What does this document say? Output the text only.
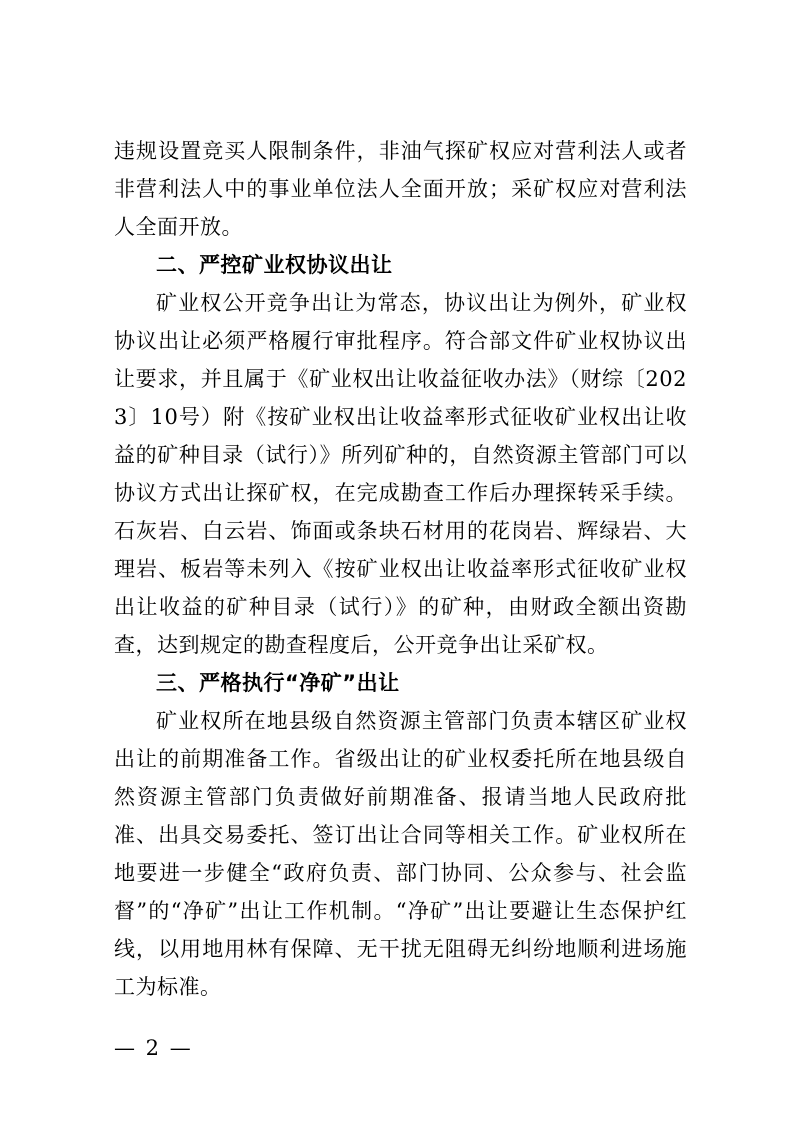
违规设置竞买人限制条件，非油气探矿权应对营利法人或者非营利法人中的事业单位法人全面开放；采矿权应对营利法人全面开放。

二、严控矿业权协议出让

矿业权公开竞争出让为常态，协议出让为例外，矿业权协议出让必须严格履行审批程序。符合部文件矿业权协议出让要求，并且属于《矿业权出让收益征收办法》（财综〔2023〕10号）附《按矿业权出让收益率形式征收矿业权出让收益的矿种目录（试行）》所列矿种的，自然资源主管部门可以协议方式出让探矿权，在完成勘查工作后办理探转采手续。石灰岩、白云岩、饰面或条块石材用的花岗岩、辉绿岩、大理岩、板岩等未列入《按矿业权出让收益率形式征收矿业权出让收益的矿种目录（试行）》的矿种，由财政全额出资勘查，达到规定的勘查程度后，公开竞争出让采矿权。

三、严格执行“净矿”出让

矿业权所在地县级自然资源主管部门负责本辖区矿业权出让的前期准备工作。省级出让的矿业权委托所在地县级自然资源主管部门负责做好前期准备、报请当地人民政府批准、出具交易委托、签订出让合同等相关工作。矿业权所在地要进一步健全“政府负责、部门协同、公众参与、社会监督”的“净矿”出让工作机制。“净矿”出让要避让生态保护红线，以用地用林有保障、无干扰无阻碍无纠纷地顺利进场施工为标准。

— 2 —
